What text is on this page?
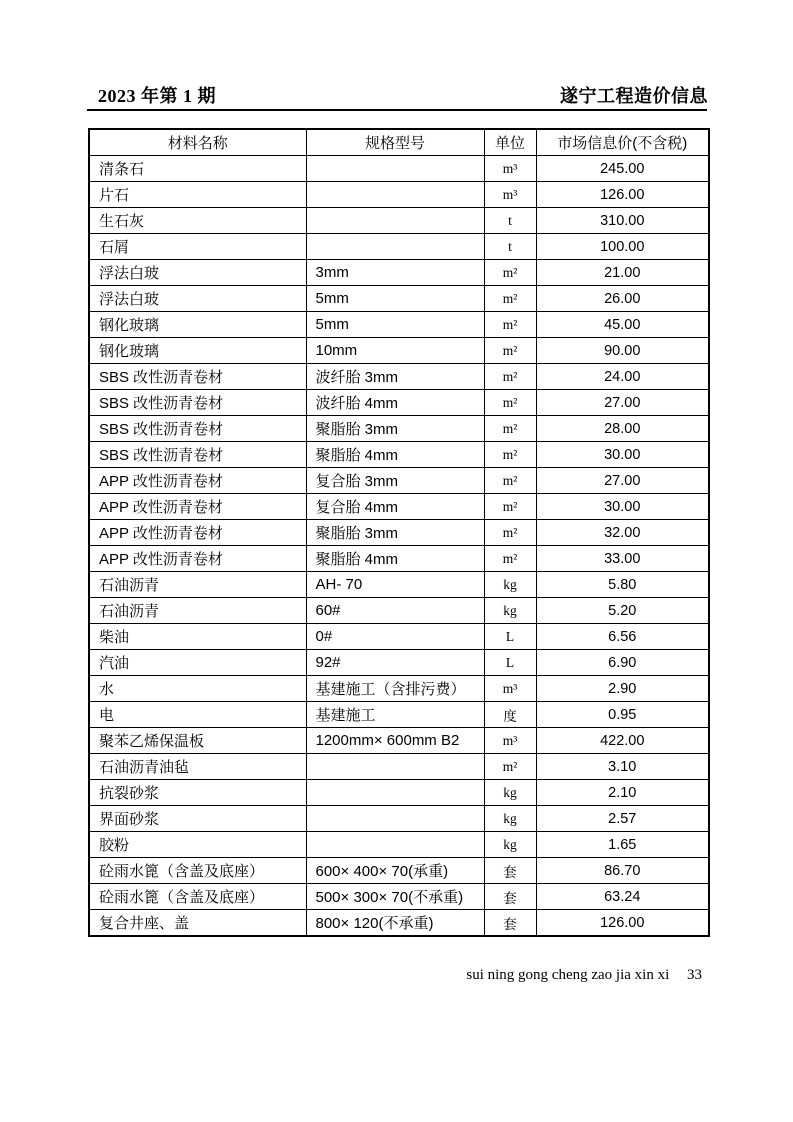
2023 年第 1 期	遂宁工程造价信息
材料名称	规格型号	单位	市场信息价(不含税)
清条石		m³	245.00
片石		m³	126.00
生石灰		t	310.00
石屑		t	100.00
浮法白玻	3mm	m²	21.00
浮法白玻	5mm	m²	26.00
钢化玻璃	5mm	m²	45.00
钢化玻璃	10mm	m²	90.00
SBS 改性沥青卷材	波纤胎 3mm	m²	24.00
SBS 改性沥青卷材	波纤胎 4mm	m²	27.00
SBS 改性沥青卷材	聚脂胎 3mm	m²	28.00
SBS 改性沥青卷材	聚脂胎 4mm	m²	30.00
APP 改性沥青卷材	复合胎 3mm	m²	27.00
APP 改性沥青卷材	复合胎 4mm	m²	30.00
APP 改性沥青卷材	聚脂胎 3mm	m²	32.00
APP 改性沥青卷材	聚脂胎 4mm	m²	33.00
石油沥青	AH- 70	kg	5.80
石油沥青	60#	kg	5.20
柴油	0#	L	6.56
汽油	92#	L	6.90
水	基建施工（含排污费）	m³	2.90
电	基建施工	度	0.95
聚苯乙烯保温板	1200mm× 600mm B2	m³	422.00
石油沥青油毡		m²	3.10
抗裂砂浆		kg	2.10
界面砂浆		kg	2.57
胶粉		kg	1.65
砼雨水篦（含盖及底座）	600× 400× 70(承重)	套	86.70
砼雨水篦（含盖及底座）	500× 300× 70(不承重)	套	63.24
复合井座、盖	800× 120(不承重)	套	126.00
sui ning gong cheng zao jia xin xi 33
